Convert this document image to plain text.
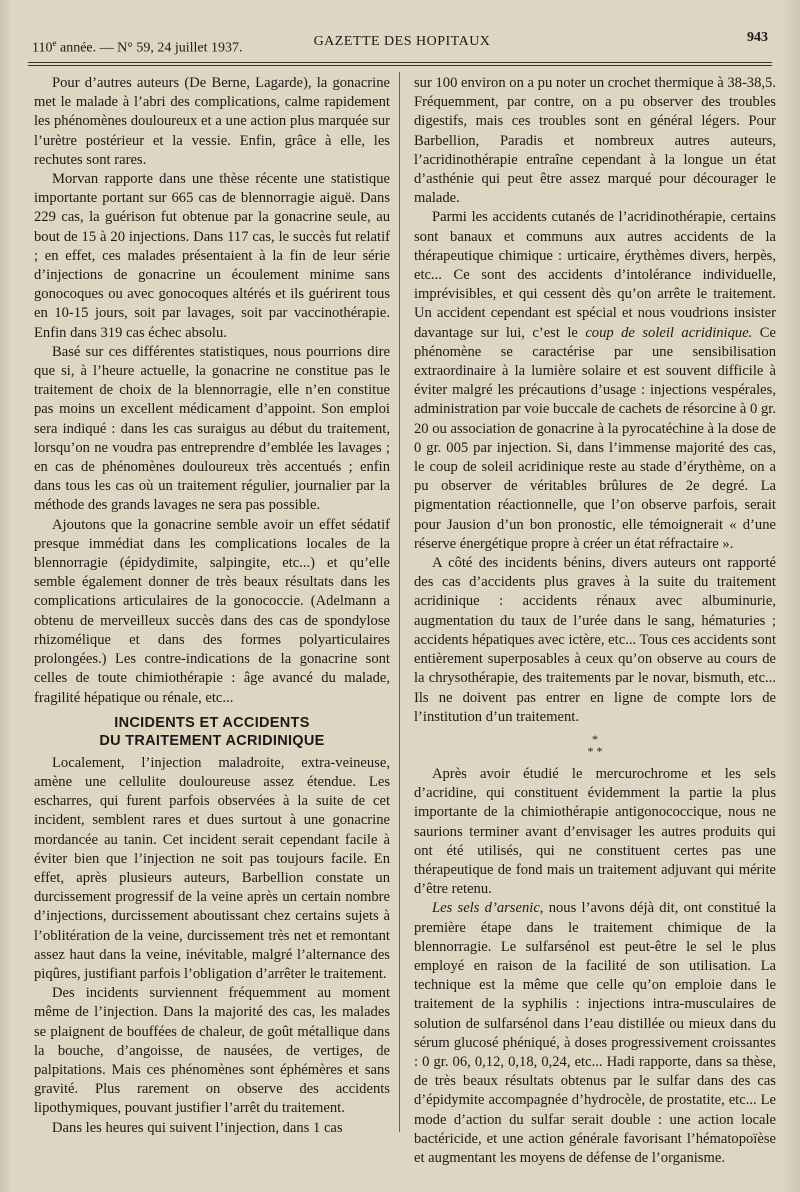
110e année. — N° 59, 24 juillet 1937.	GAZETTE DES HOPITAUX	943

Pour d’autres auteurs (De Berne, Lagarde), la gonacrine met le malade à l’abri des complications, calme rapidement les phénomènes douloureux et a une action plus marquée sur l’urètre postérieur et la vessie. Enfin, grâce à elle, les rechutes sont rares.

Morvan rapporte dans une thèse récente une statistique importante portant sur 665 cas de blennorragie aiguë. Dans 229 cas, la guérison fut obtenue par la gonacrine seule, au bout de 15 à 20 injections. Dans 117 cas, le succès fut relatif ; en effet, ces malades présentaient à la fin de leur série d’injections de gonacrine un écoulement minime sans gonocoques ou avec gonocoques altérés et ils guérirent tous en 10-15 jours, soit par lavages, soit par vaccinothérapie. Enfin dans 319 cas échec absolu.

Basé sur ces différentes statistiques, nous pourrions dire que si, à l’heure actuelle, la gonacrine ne constitue pas le traitement de choix de la blennorragie, elle n’en constitue pas moins un excellent médicament d’appoint. Son emploi sera indiqué : dans les cas suraigus au début du traitement, lorsqu’on ne voudra pas entreprendre d’emblée les lavages ; en cas de phénomènes douloureux très accentués ; enfin dans tous les cas où un traitement régulier, journalier par la méthode des grands lavages ne sera pas possible.

Ajoutons que la gonacrine semble avoir un effet sédatif presque immédiat dans les complications locales de la blennorragie (épidydimite, salpingite, etc...) et qu’elle semble également donner de très beaux résultats dans les complications articulaires de la gonococcie. (Adelmann a obtenu de merveilleux succès dans des cas de spondylose rhizomélique et dans des formes polyarticulaires prolongées.) Les contre-indications de la gonacrine sont celles de toute chimiothérapie : âge avancé du malade, fragilité hépatique ou rénale, etc...

INCIDENTS ET ACCIDENTS
DU TRAITEMENT ACRIDINIQUE

Localement, l’injection maladroite, extra-veineuse, amène une cellulite douloureuse assez étendue. Les escharres, qui furent parfois observées à la suite de cet incident, semblent rares et dues surtout à une gonacrine mordancée au tanin. Cet incident serait cependant facile à éviter bien que l’injection ne soit pas toujours facile. En effet, après plusieurs auteurs, Barbellion constate un durcissement progressif de la veine après un certain nombre d’injections, durcissement aboutissant chez certains sujets à l’oblitération de la veine, durcissement très net et remontant assez haut dans la veine, inévitable, malgré l’alternance des piqûres, justifiant parfois l’obligation d’arrêter le traitement.

Des incidents surviennent fréquemment au moment même de l’injection. Dans la majorité des cas, les malades se plaignent de bouffées de chaleur, de goût métallique dans la bouche, d’angoisse, de nausées, de vertiges, de palpitations. Mais ces phénomènes sont éphémères et sans gravité. Plus rarement on observe des accidents lipothymiques, pouvant justifier l’arrêt du traitement.

Dans les heures qui suivent l’injection, dans 1 cas

sur 100 environ on a pu noter un crochet thermique à 38-38,5. Fréquemment, par contre, on a pu observer des troubles digestifs, mais ces troubles sont en général légers. Pour Barbellion, Paradis et nombreux autres auteurs, l’acridinothérapie entraîne cependant à la longue un état d’asthénie qui peut être assez marqué pour décourager le malade.

Parmi les accidents cutanés de l’acridinothérapie, certains sont banaux et communs aux autres accidents de la thérapeutique chimique : urticaire, érythèmes divers, herpès, etc... Ce sont des accidents d’intolérance individuelle, imprévisibles, et qui cessent dès qu’on arrête le traitement. Un accident cependant est spécial et nous voudrions insister davantage sur lui, c’est le coup de soleil acridinique. Ce phénomène se caractérise par une sensibilisation extraordinaire à la lumière solaire et est souvent difficile à éviter malgré les précautions d’usage : injections vespérales, administration par voie buccale de cachets de résorcine à 0 gr. 20 ou association de gonacrine à la pyrocatéchine à la dose de 0 gr. 005 par injection. Si, dans l’immense majorité des cas, le coup de soleil acridinique reste au stade d’érythème, on a pu observer de véritables brûlures de 2e degré. La pigmentation réactionnelle, que l’on observe parfois, serait pour Jausion d’un bon pronostic, elle témoignerait « d’une réserve énergétique propre à créer un état réfractaire ».

A côté des incidents bénins, divers auteurs ont rapporté des cas d’accidents plus graves à la suite du traitement acridinique : accidents rénaux avec albuminurie, augmentation du taux de l’urée dans le sang, hématuries ; accidents hépatiques avec ictère, etc... Tous ces accidents sont entièrement superposables à ceux qu’on observe au cours de la chrysothérapie, des traitements par le novar, bismuth, etc... Ils ne doivent pas entrer en ligne de compte lors de l’institution d’un traitement.

*
* *

Après avoir étudié le mercurochrome et les sels d’acridine, qui constituent évidemment la partie la plus importante de la chimiothérapie antigonococcique, nous ne saurions terminer avant d’envisager les autres produits qui ont été utilisés, qui ne constituent certes pas une thérapeutique de fond mais un traitement adjuvant qui mérite d’être retenu.

Les sels d’arsenic, nous l’avons déjà dit, ont constitué la première étape dans le traitement chimique de la blennorragie. Le sulfarsénol est peut-être le sel le plus employé en raison de la facilité de son utilisation. La technique est la même que celle qu’on emploie dans le traitement de la syphilis : injections intra-musculaires de solution de sulfarsénol dans l’eau distillée ou mieux dans du sérum glucosé phéniqué, à doses progressivement croissantes : 0 gr. 06, 0,12, 0,18, 0,24, etc... Hadi rapporte, dans sa thèse, de très beaux résultats obtenus par le sulfar dans des cas d’épidymite accompagnée d’hydrocèle, de prostatite, etc... Le mode d’action du sulfar serait double : une action locale bactéricide, et une action générale favorisant l’hématopoïèse et augmentant les moyens de défense de l’organisme.
